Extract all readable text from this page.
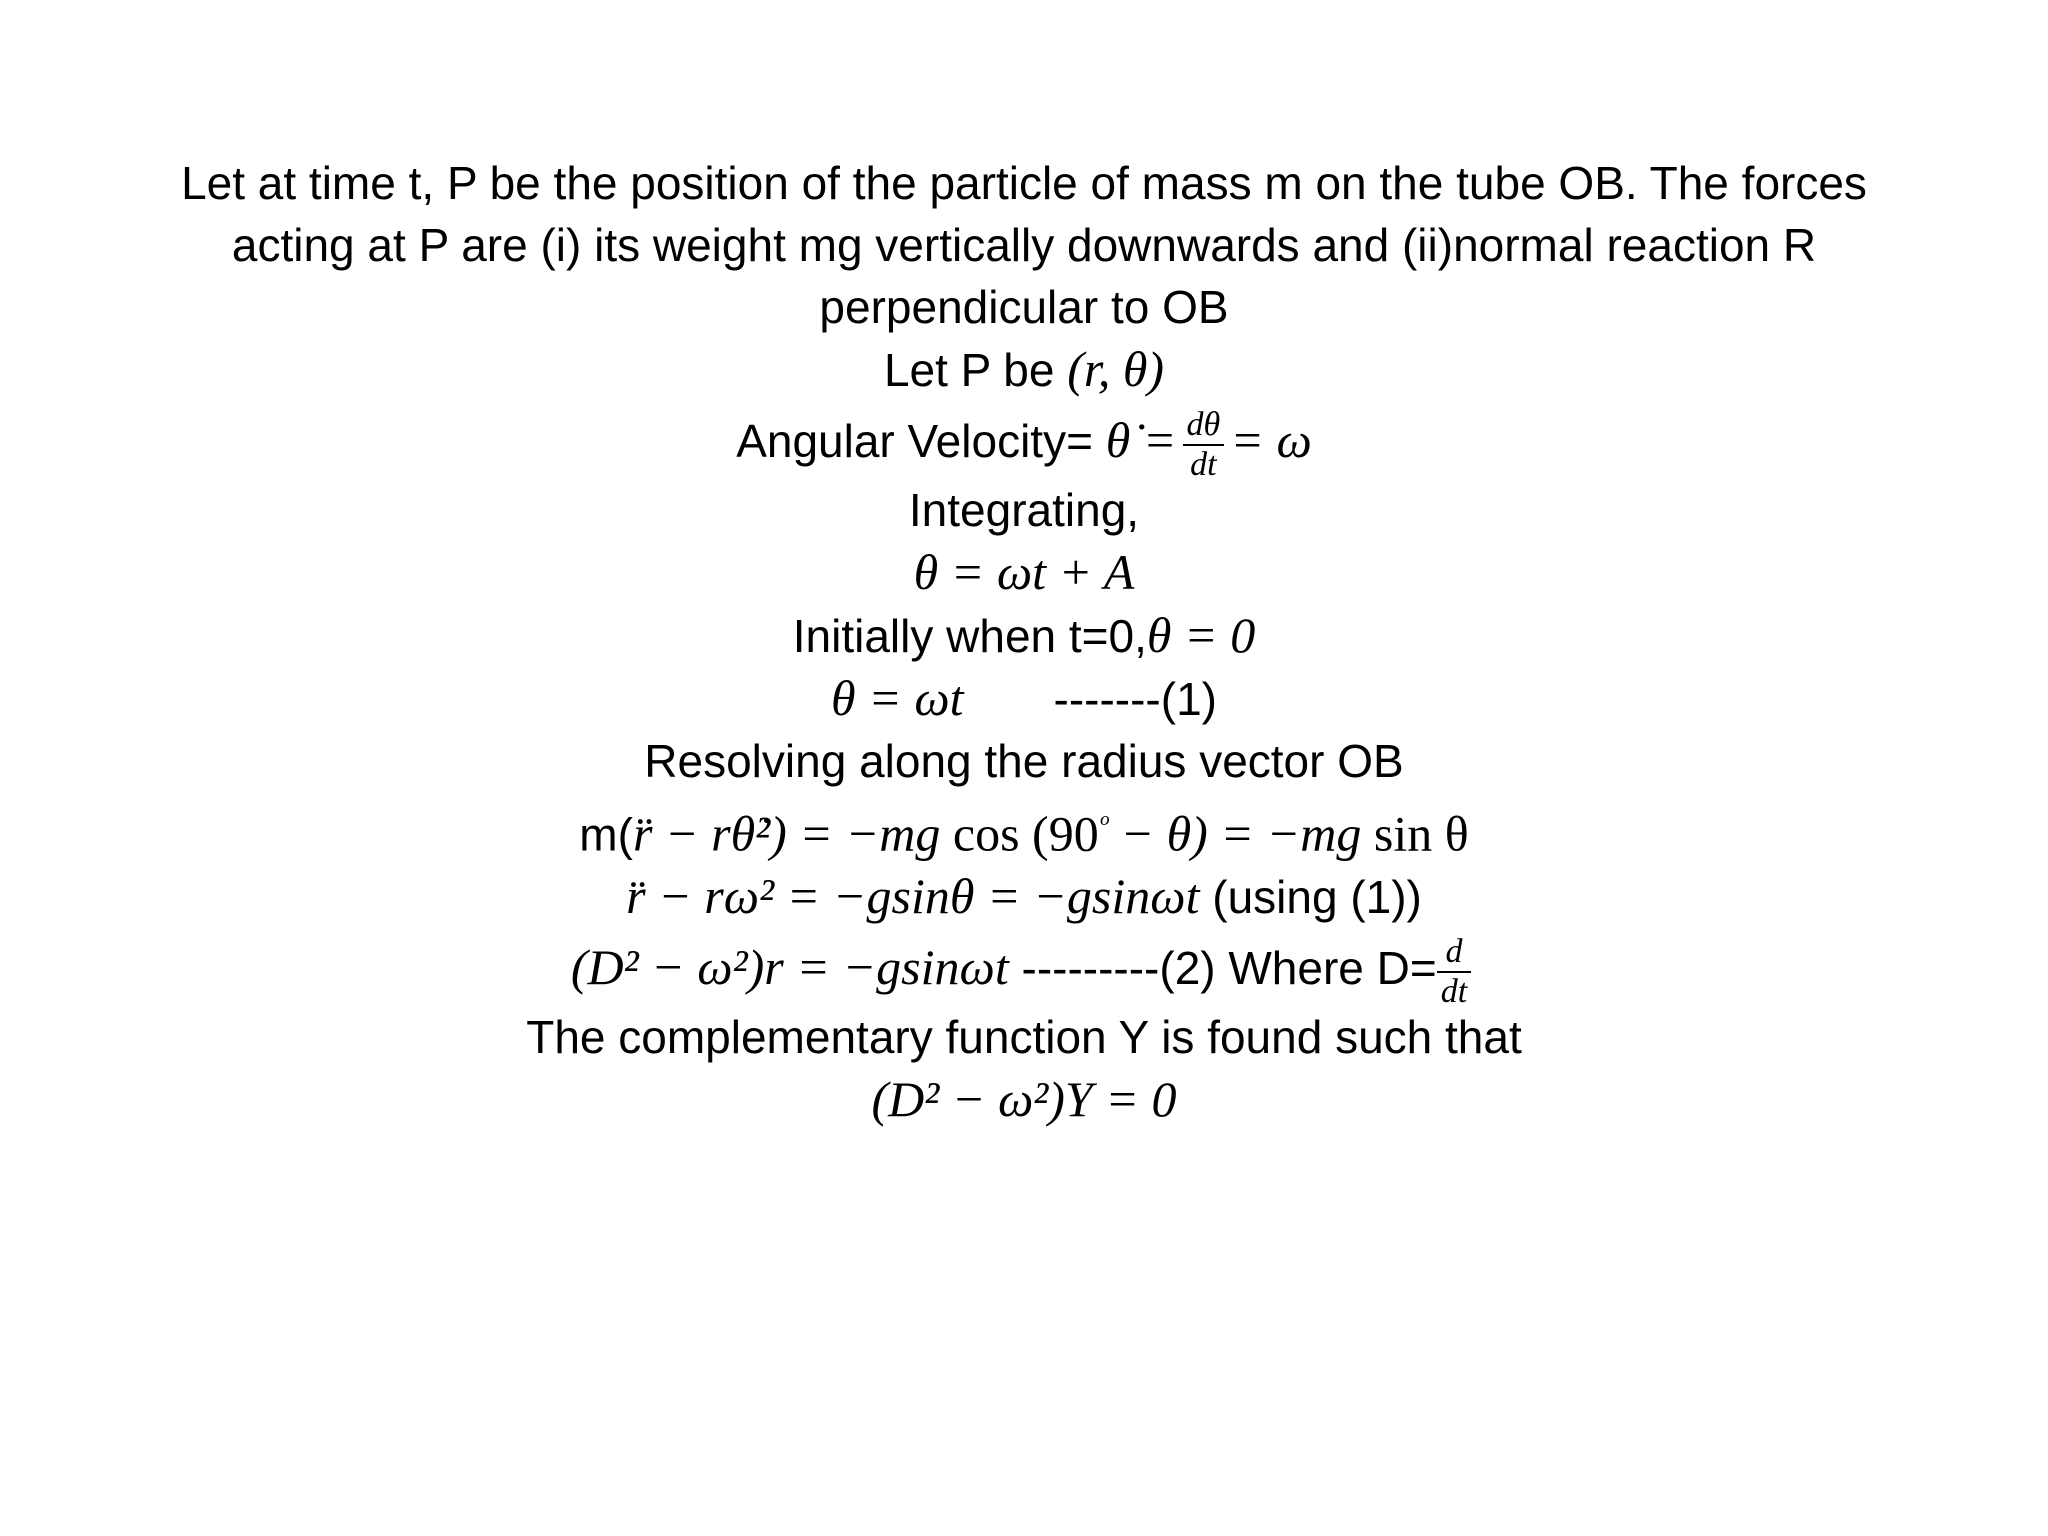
Let at time t, P be the position of the particle of mass m on the tube OB. The forces
acting at P are (i) its weight mg vertically downwards and (ii)normal reaction R
perpendicular to OB
Let P be (r, θ)
Angular Velocity= θ̇ = $\frac{d\theta}{dt} = \omega$
Integrating,
θ = ωt + A
Initially when t=0,θ = 0
θ = ωt -------(1)
Resolving along the radius vector OB
m(r̈ − rθ̇²) = −mg $\cos (90^ᵒ - \theta) = -mg$ sin θ
r̈ − rω² = −gsinθ = −gsinωt (using (1))
(D² − ω²)r = −gsinωt ---------(2) Where $D= \frac{d}{dt}$
The complementary function Y is found such that
(D² − ω²)Y = 0
